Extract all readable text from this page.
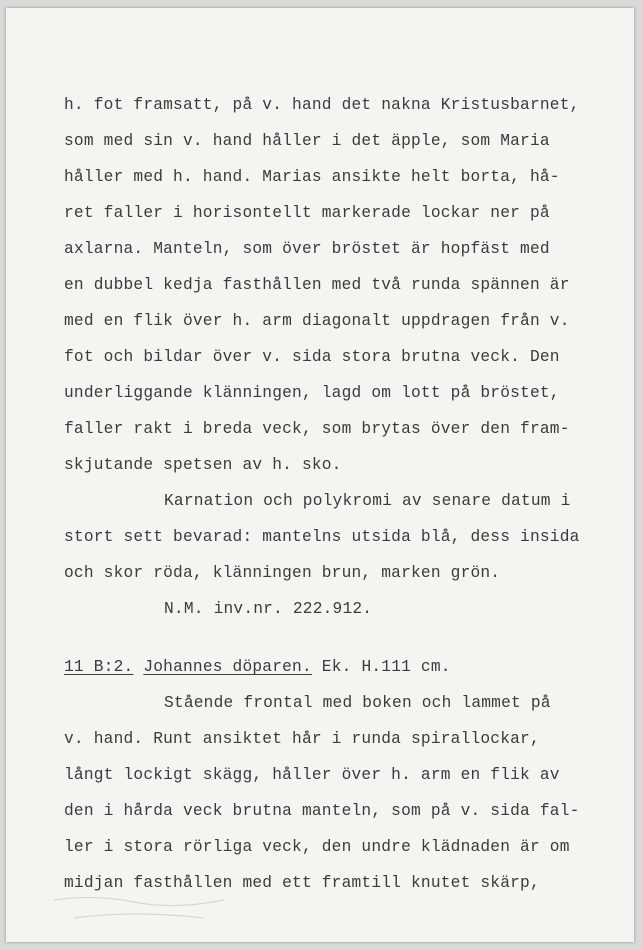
h. fot framsatt, på v. hand det nakna Kristusbarnet,
som med sin v. hand håller i det äpple, som Maria
håller med h. hand. Marias ansikte helt borta, hå-
ret faller i horisontellt markerade lockar ner på
axlarna. Manteln, som över bröstet är hopfäst med
en dubbel kedja fasthållen med två runda spännen är
med en flik över h. arm diagonalt uppdragen från v.
fot och bildar över v. sida stora brutna veck. Den
underliggande klänningen, lagd om lott på bröstet,
faller rakt i breda veck, som brytas över den fram-
skjutande spetsen av h. sko.
Karnation och polykromi av senare datum i
stort sett bevarad: mantelns utsida blå, dess insida
och skor röda, klänningen brun, marken grön.
N.M. inv.nr. 222.912.
11 B:2. Johannes döparen. Ek. H.111 cm.
Stående frontal med boken och lammet på
v. hand. Runt ansiktet hår i runda spirallockar,
långt lockigt skägg, håller över h. arm en flik av
den i hårda veck brutna manteln, som på v. sida fal-
ler i stora rörliga veck, den undre klädnaden är om
midjan fasthållen med ett framtill knutet skärp,
